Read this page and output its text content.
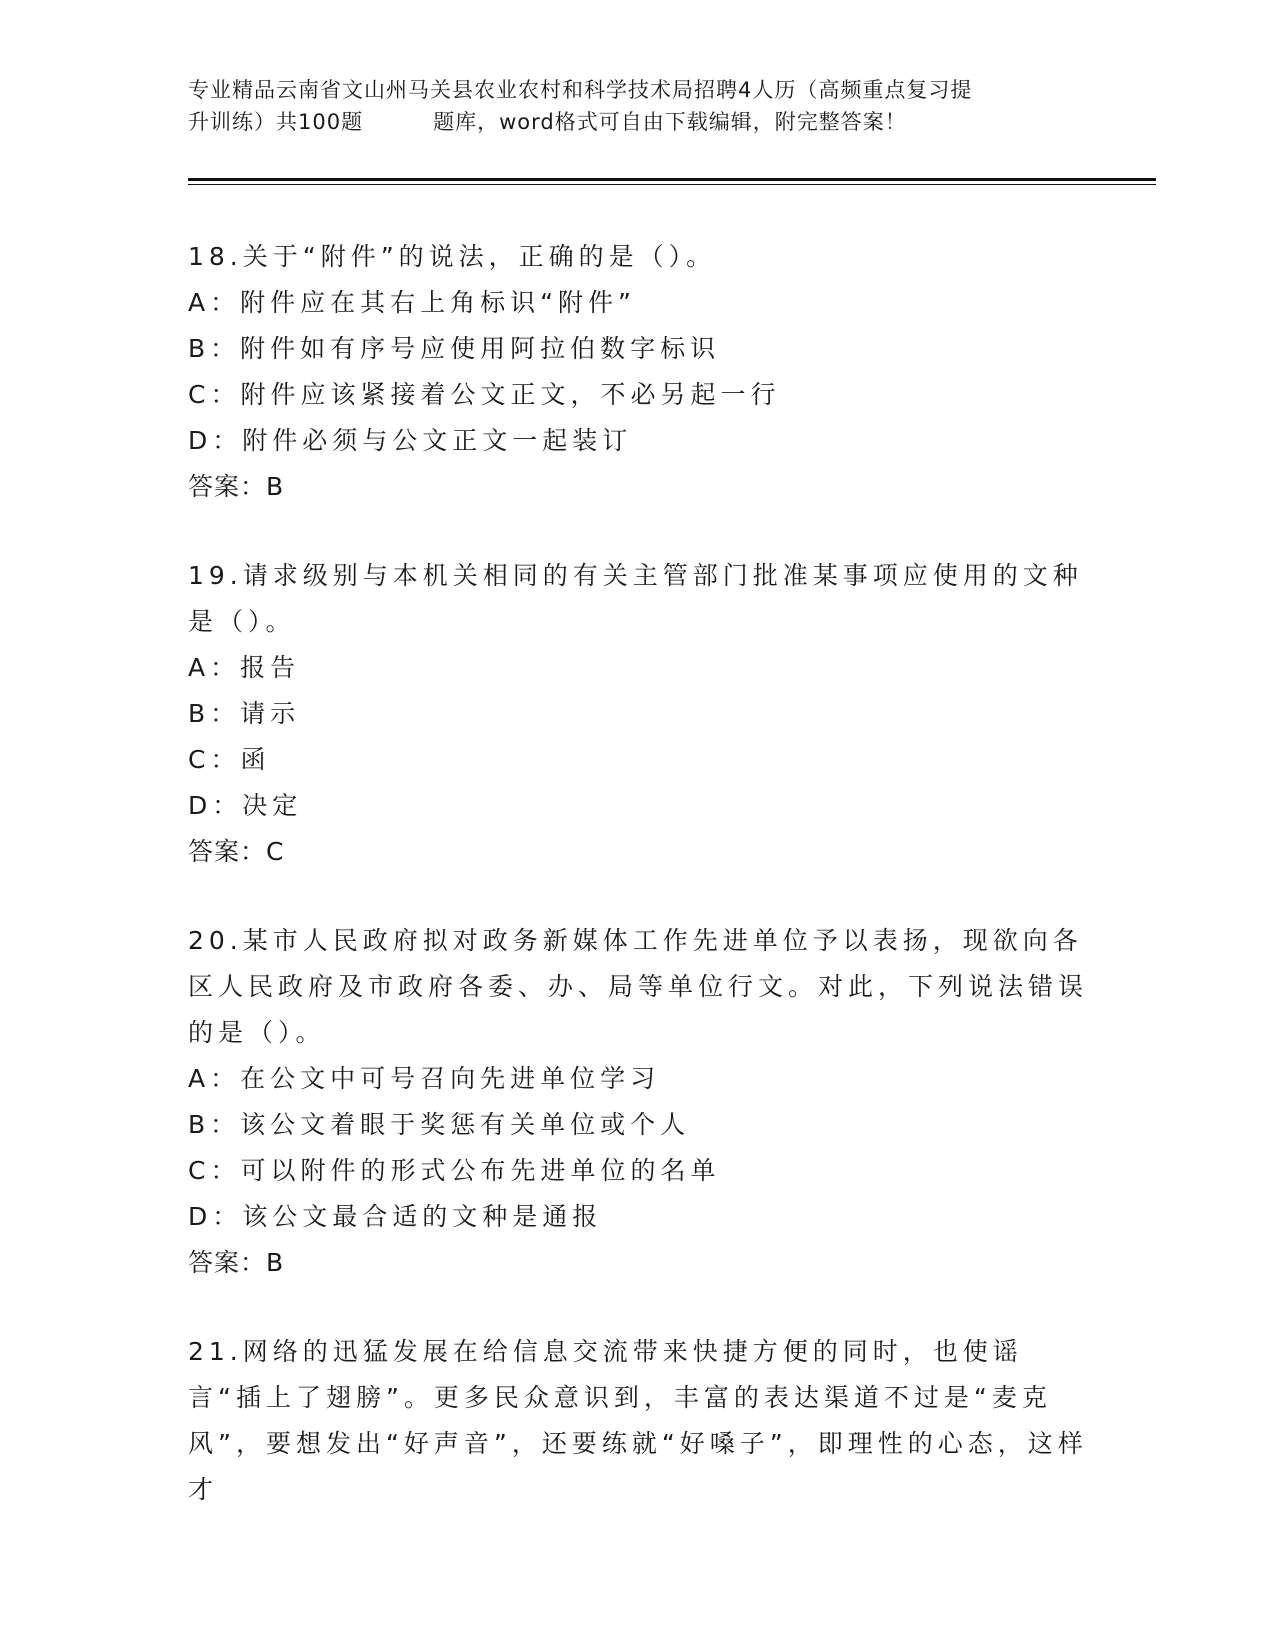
专业精品云南省文山州马关县农业农村和科学技术局招聘4人历（高频重点复习提
升训练）共100题	题库，word格式可自由下载编辑，附完整答案！

18.关于“附件”的说法，正确的是（）。

A：附件应在其右上角标识“附件”

B：附件如有序号应使用阿拉伯数字标识

C：附件应该紧接着公文正文，不必另起一行

D：附件必须与公文正文一起装订

答案：B

19.请求级别与本机关相同的有关主管部门批准某事项应使用的文种是（）。

A：报告

B：请示

C：函

D：决定

答案：C

20.某市人民政府拟对政务新媒体工作先进单位予以表扬，现欲向各区人民政府及市政府各委、办、局等单位行文。对此，下列说法错误的是（）。

A：在公文中可号召向先进单位学习

B：该公文着眼于奖惩有关单位或个人

C：可以附件的形式公布先进单位的名单

D：该公文最合适的文种是通报

答案：B

21.网络的迅猛发展在给信息交流带来快捷方便的同时，也使谣言“插上了翅膀”。更多民众意识到，丰富的表达渠道不过是“麦克风”，要想发出“好声音”，还要练就“好嗓子”，即理性的心态，这样才
